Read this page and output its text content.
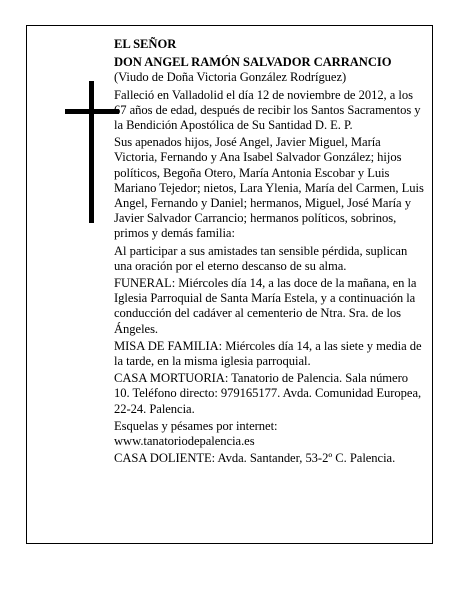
EL SEÑOR

DON ANGEL RAMÓN SALVADOR CARRANCIO

(Viudo de Doña Victoria González Rodríguez)

Falleció en Valladolid el día 12 de noviembre de 2012, a los 67 años de edad, después de recibir los Santos Sacramentos y la Bendición Apostólica de Su Santidad D. E. P.

Sus apenados hijos, José Angel, Javier Miguel, María Victoria, Fernando y Ana Isabel Salvador González; hijos políticos, Begoña Otero, María Antonia Escobar y Luis Mariano Tejedor; nietos, Lara Ylenia, María del Carmen, Luis Angel, Fernando y Daniel; hermanos, Miguel, José María y Javier Salvador Carrancio; hermanos políticos, sobrinos, primos y demás familia:

Al participar a sus amistades tan sensible pérdida, suplican una oración por el eterno descanso de su alma.

FUNERAL: Miércoles día 14, a las doce de la mañana, en la Iglesia Parroquial de Santa María Estela, y a continuación la conducción del cadáver al cementerio de Ntra. Sra. de los Ángeles.

MISA DE FAMILIA: Miércoles día 14, a las siete y media de la tarde, en la misma iglesia parroquial.

CASA MORTUORIA: Tanatorio de Palencia. Sala número 10. Teléfono directo: 979165177. Avda. Comunidad Europea, 22-24. Palencia.

Esquelas y pésames por internet:
www.tanatoriodepalencia.es

CASA DOLIENTE: Avda. Santander, 53-2º C. Palencia.
